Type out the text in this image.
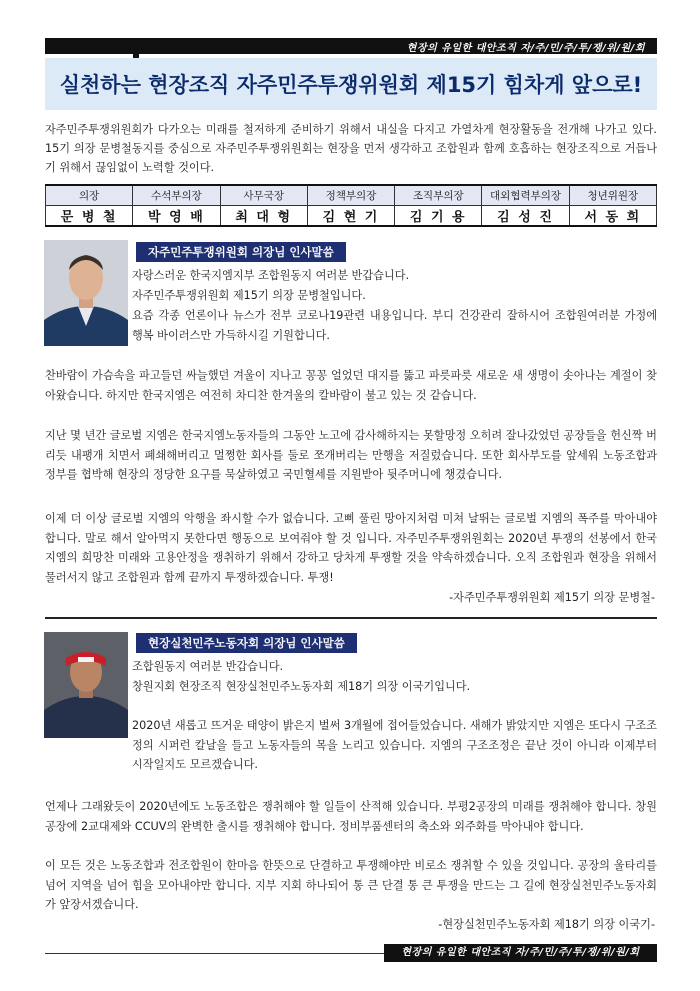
현장의 유일한 대안조직 자/주/민/주/투/쟁/위/원/회
실천하는 현장조직 자주민주투쟁위원회 제15기 힘차게 앞으로!

자주민주투쟁위원회가 다가오는 미래를 철저하게 준비하기 위해서 내실을 다지고 가열차게 현장활동을 전개해 나가고 있다. 15기 의장 문병철동지를 중심으로 자주민주투쟁위원회는 현장을 먼저 생각하고 조합원과 함께 호흡하는 현장조직으로 거듭나기 위해서 끊임없이 노력할 것이다.

의장	수석부의장	사무국장	정책부의장	조직부의장	대외협력부의장	청년위원장
문 병 철	박 영 배	최 대 형	김 현 기	김 기 용	김 성 진	서 동 희
자주민주투쟁위원회 의장님 인사말씀

자랑스러운 한국지엠지부 조합원동지 여러분 반갑습니다.

자주민주투쟁위원회 제15기 의장 문병철입니다.

요즘 각종 언론이나 뉴스가 전부 코로나19관련 내용입니다. 부디 건강관리 잘하시어 조합원여러분 가정에 행복 바이러스만 가득하시길 기원합니다.

찬바람이 가슴속을 파고들던 싸늘했던 겨울이 지나고 꽁꽁 얼었던 대지를 뚫고 파릇파릇 새로운 새 생명이 솟아나는 계절이 찾아왔습니다. 하지만 한국지엠은 여전히 차디찬 한겨울의 칼바람이 불고 있는 것 같습니다.

지난 몇 년간 글로벌 지엠은 한국지엠노동자들의 그동안 노고에 감사해하지는 못할망정 오히려 잘나갔었던 공장들을 헌신짝 버리듯 내팽개 치면서 폐쇄해버리고 멀쩡한 회사를 둘로 쪼개버리는 만행을 저질렀습니다. 또한 회사부도를 앞세워 노동조합과 정부를 협박해 현장의 정당한 요구를 묵살하였고 국민혈세를 지원받아 뒷주머니에 챙겼습니다.

이제 더 이상 글로벌 지엠의 악행을 좌시할 수가 없습니다. 고삐 풀린 망아지처럼 미쳐 날뛰는 글로벌 지엠의 폭주를 막아내야 합니다. 말로 해서 알아먹지 못한다면 행동으로 보여줘야 할 것 입니다. 자주민주투쟁위원회는 2020년 투쟁의 선봉에서 한국지엠의 희망찬 미래와 고용안정을 쟁취하기 위해서 강하고 당차게 투쟁할 것을 약속하겠습니다. 오직 조합원과 현장을 위해서 물러서지 않고 조합원과 함께 끝까지 투쟁하겠습니다. 투쟁!

-자주민주투쟁위원회 제15기 의장 문병철-

현장실천민주노동자회 의장님 인사말씀

조합원동지 여러분 반갑습니다.

창원지회 현장조직 현장실천민주노동자회 제18기 의장 이국기입니다.

2020년 새롭고 뜨거운 태양이 밝은지 벌써 3개월에 접어들었습니다. 새해가 밝았지만 지엠은 또다시 구조조정의 시퍼런 칼날을 들고 노동자들의 목을 노리고 있습니다. 지엠의 구조조정은 끝난 것이 아니라 이제부터 시작일지도 모르겠습니다.

언제나 그래왔듯이 2020년에도 노동조합은 쟁취해야 할 일들이 산적해 있습니다. 부평2공장의 미래를 쟁취해야 합니다. 창원공장에 2교대제와 CCUV의 완벽한 출시를 쟁취해야 합니다. 정비부품센터의 축소와 외주화를 막아내야 합니다.

이 모든 것은 노동조합과 전조합원이 한마음 한뜻으로 단결하고 투쟁해야만 비로소 쟁취할 수 있을 것입니다. 공장의 울타리를 넘어 지역을 넘어 힘을 모아내야만 합니다. 지부 지회 하나되어 통 큰 단결 통 큰 투쟁을 만드는 그 길에 현장실천민주노동자회가 앞장서겠습니다.

-현장실천민주노동자회 제18기 의장 이국기-

현장의 유일한 대안조직 자/주/민/주/투/쟁/위/원/회
